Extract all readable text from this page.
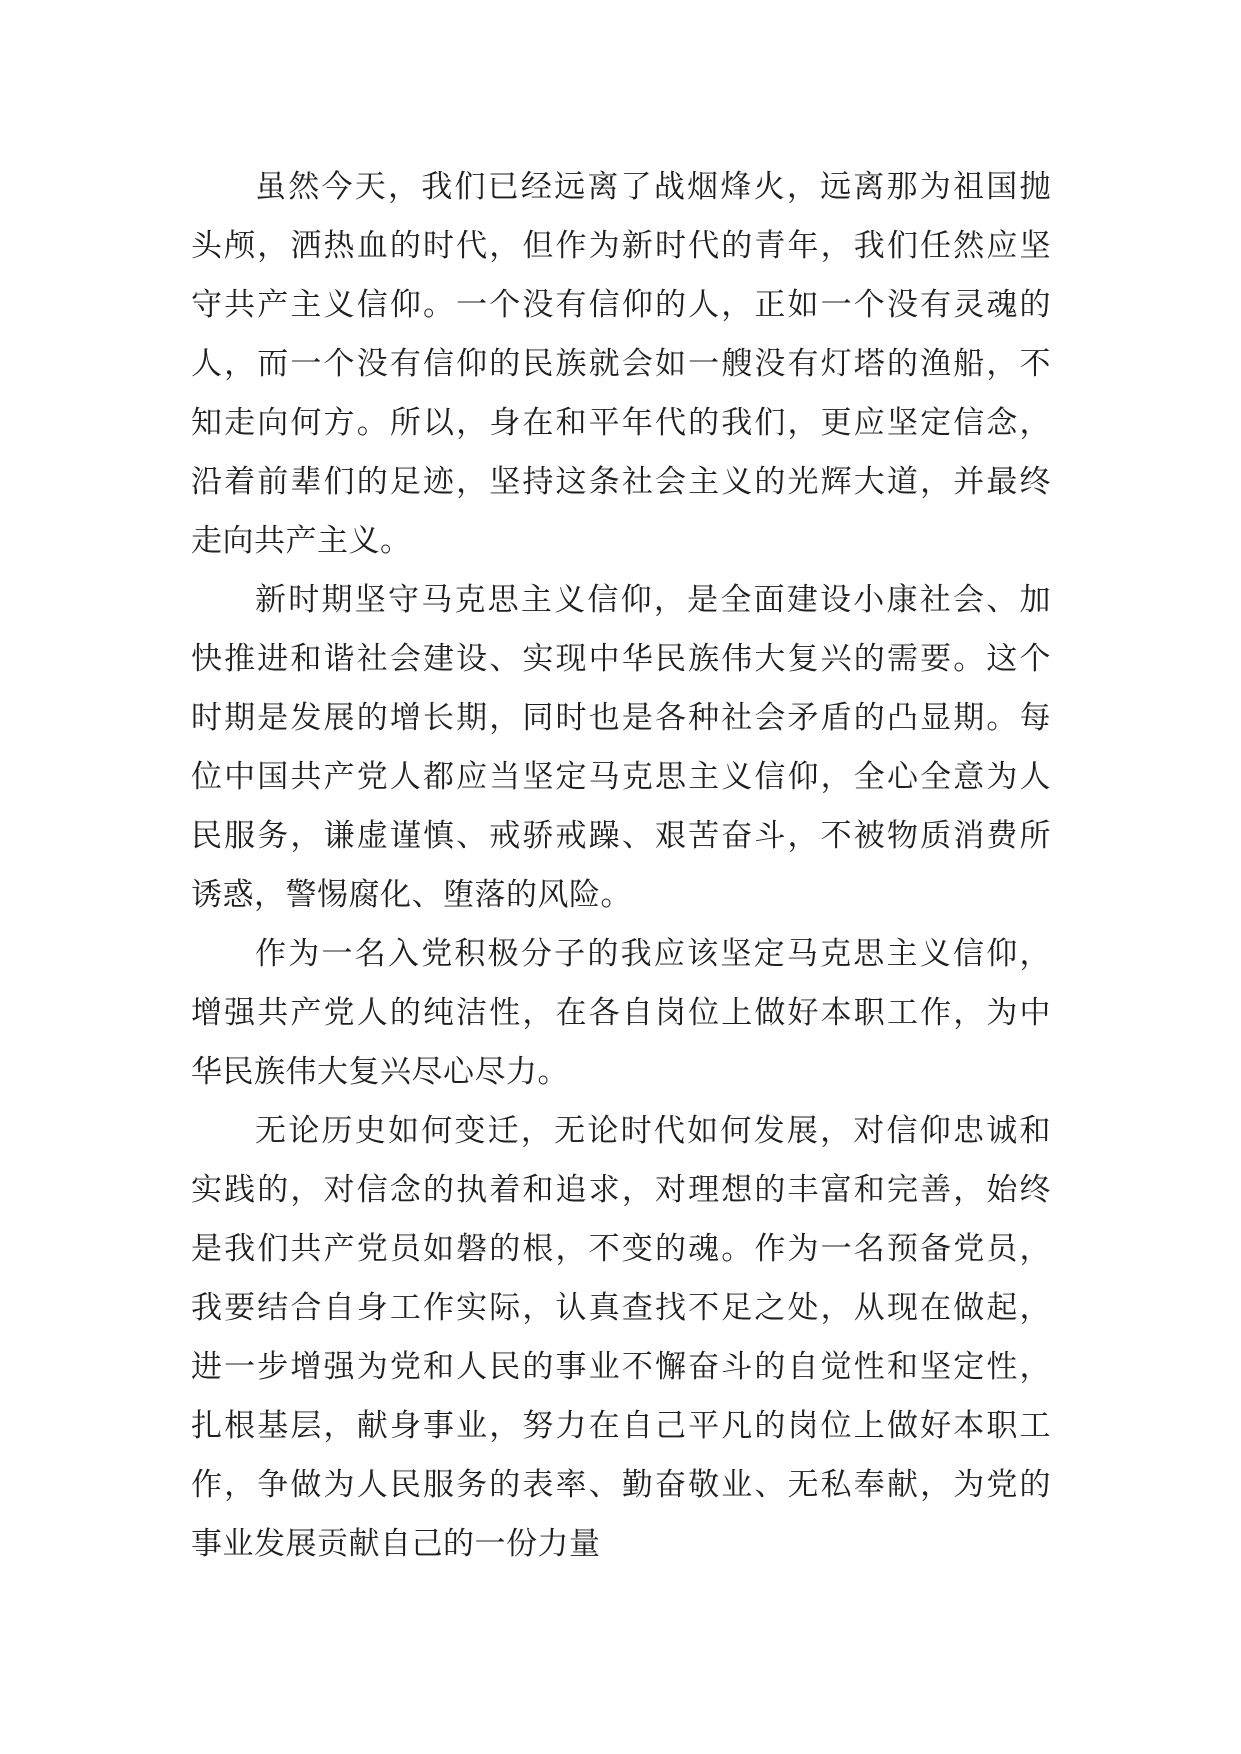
虽然今天，我们已经远离了战烟烽火，远离那为祖国抛
头颅，洒热血的时代，但作为新时代的青年，我们任然应坚
守共产主义信仰。一个没有信仰的人，正如一个没有灵魂的
人，而一个没有信仰的民族就会如一艘没有灯塔的渔船，不
知走向何方。所以，身在和平年代的我们，更应坚定信念，
沿着前辈们的足迹，坚持这条社会主义的光辉大道，并最终
走向共产主义。
新时期坚守马克思主义信仰，是全面建设小康社会、加
快推进和谐社会建设、实现中华民族伟大复兴的需要。这个
时期是发展的增长期，同时也是各种社会矛盾的凸显期。每
位中国共产党人都应当坚定马克思主义信仰，全心全意为人
民服务，谦虚谨慎、戒骄戒躁、艰苦奋斗，不被物质消费所
诱惑，警惕腐化、堕落的风险。
作为一名入党积极分子的我应该坚定马克思主义信仰，
增强共产党人的纯洁性，在各自岗位上做好本职工作，为中
华民族伟大复兴尽心尽力。
无论历史如何变迁，无论时代如何发展，对信仰忠诚和
实践的，对信念的执着和追求，对理想的丰富和完善，始终
是我们共产党员如磐的根，不变的魂。作为一名预备党员，
我要结合自身工作实际，认真查找不足之处，从现在做起，
进一步增强为党和人民的事业不懈奋斗的自觉性和坚定性，
扎根基层，献身事业，努力在自己平凡的岗位上做好本职工
作，争做为人民服务的表率、勤奋敬业、无私奉献，为党的
事业发展贡献自己的一份力量
